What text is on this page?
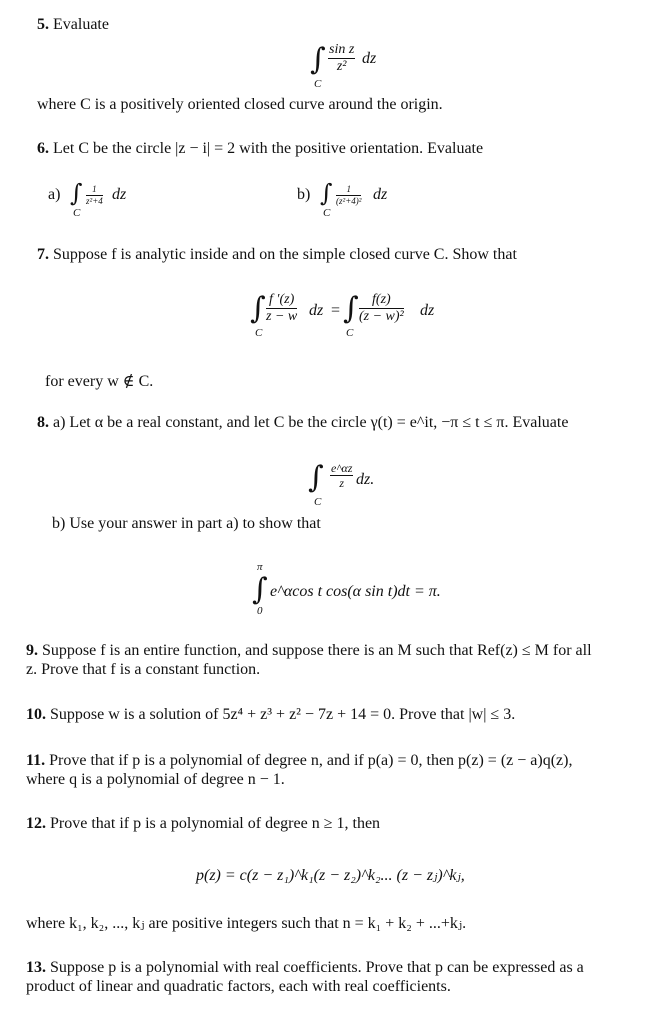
5. Evaluate
∫ $\frac{\text{sin z}}{\text{z²}}$ dz
C
where C is a positively oriented closed curve around the origin.
6. Let C be the circle |z − i| = 2 with the positive orientation. Evaluate
a) ∫ $\frac{1}{\text{z²+4}}$ dz
C
b) ∫ $\frac{1}{\text{(z²+4)²}}$ dz
C
7. Suppose f is analytic inside and on the simple closed curve C. Show that
∫ $\frac{f '(z)}{z - w}$ dz
C
= ∫ $\frac{f(z)}{\text{(z − w)²}}$ dz
C
for every w ∉ C.
8. a) Let α be a real constant, and let C be the circle γ(t) = e^it, −π ≤ t ≤ π. Evaluate
∫ $\frac{e\^{}\alpha z}{z}$ dz.
C
b) Use your answer in part a) to show that
π
∫ e^αcos t cos(α sin t)dt = π.
0
9. Suppose f is an entire function, and suppose there is an M such that Ref(z) ≤ M for all
z. Prove that f is a constant function.
10. Suppose w is a solution of 5z⁴ + z³ + z² − 7z + 14 = 0. Prove that |w| ≤ 3.
11. Prove that if p is a polynomial of degree n, and if p(a) = 0, then p(z) = (z − a)q(z),
where q is a polynomial of degree n − 1.
12. Prove that if p is a polynomial of degree n ≥ 1, then
p(z) = c(z − z₁)^k₁(z − z₂)^k₂... (z − zⱼ)^kⱼ,
where k₁, k₂, ..., kⱼ are positive integers such that n = k₁ + k₂ + ...+kⱼ.
13. Suppose p is a polynomial with real coefficients. Prove that p can be expressed as a
product of linear and quadratic factors, each with real coefficients.
